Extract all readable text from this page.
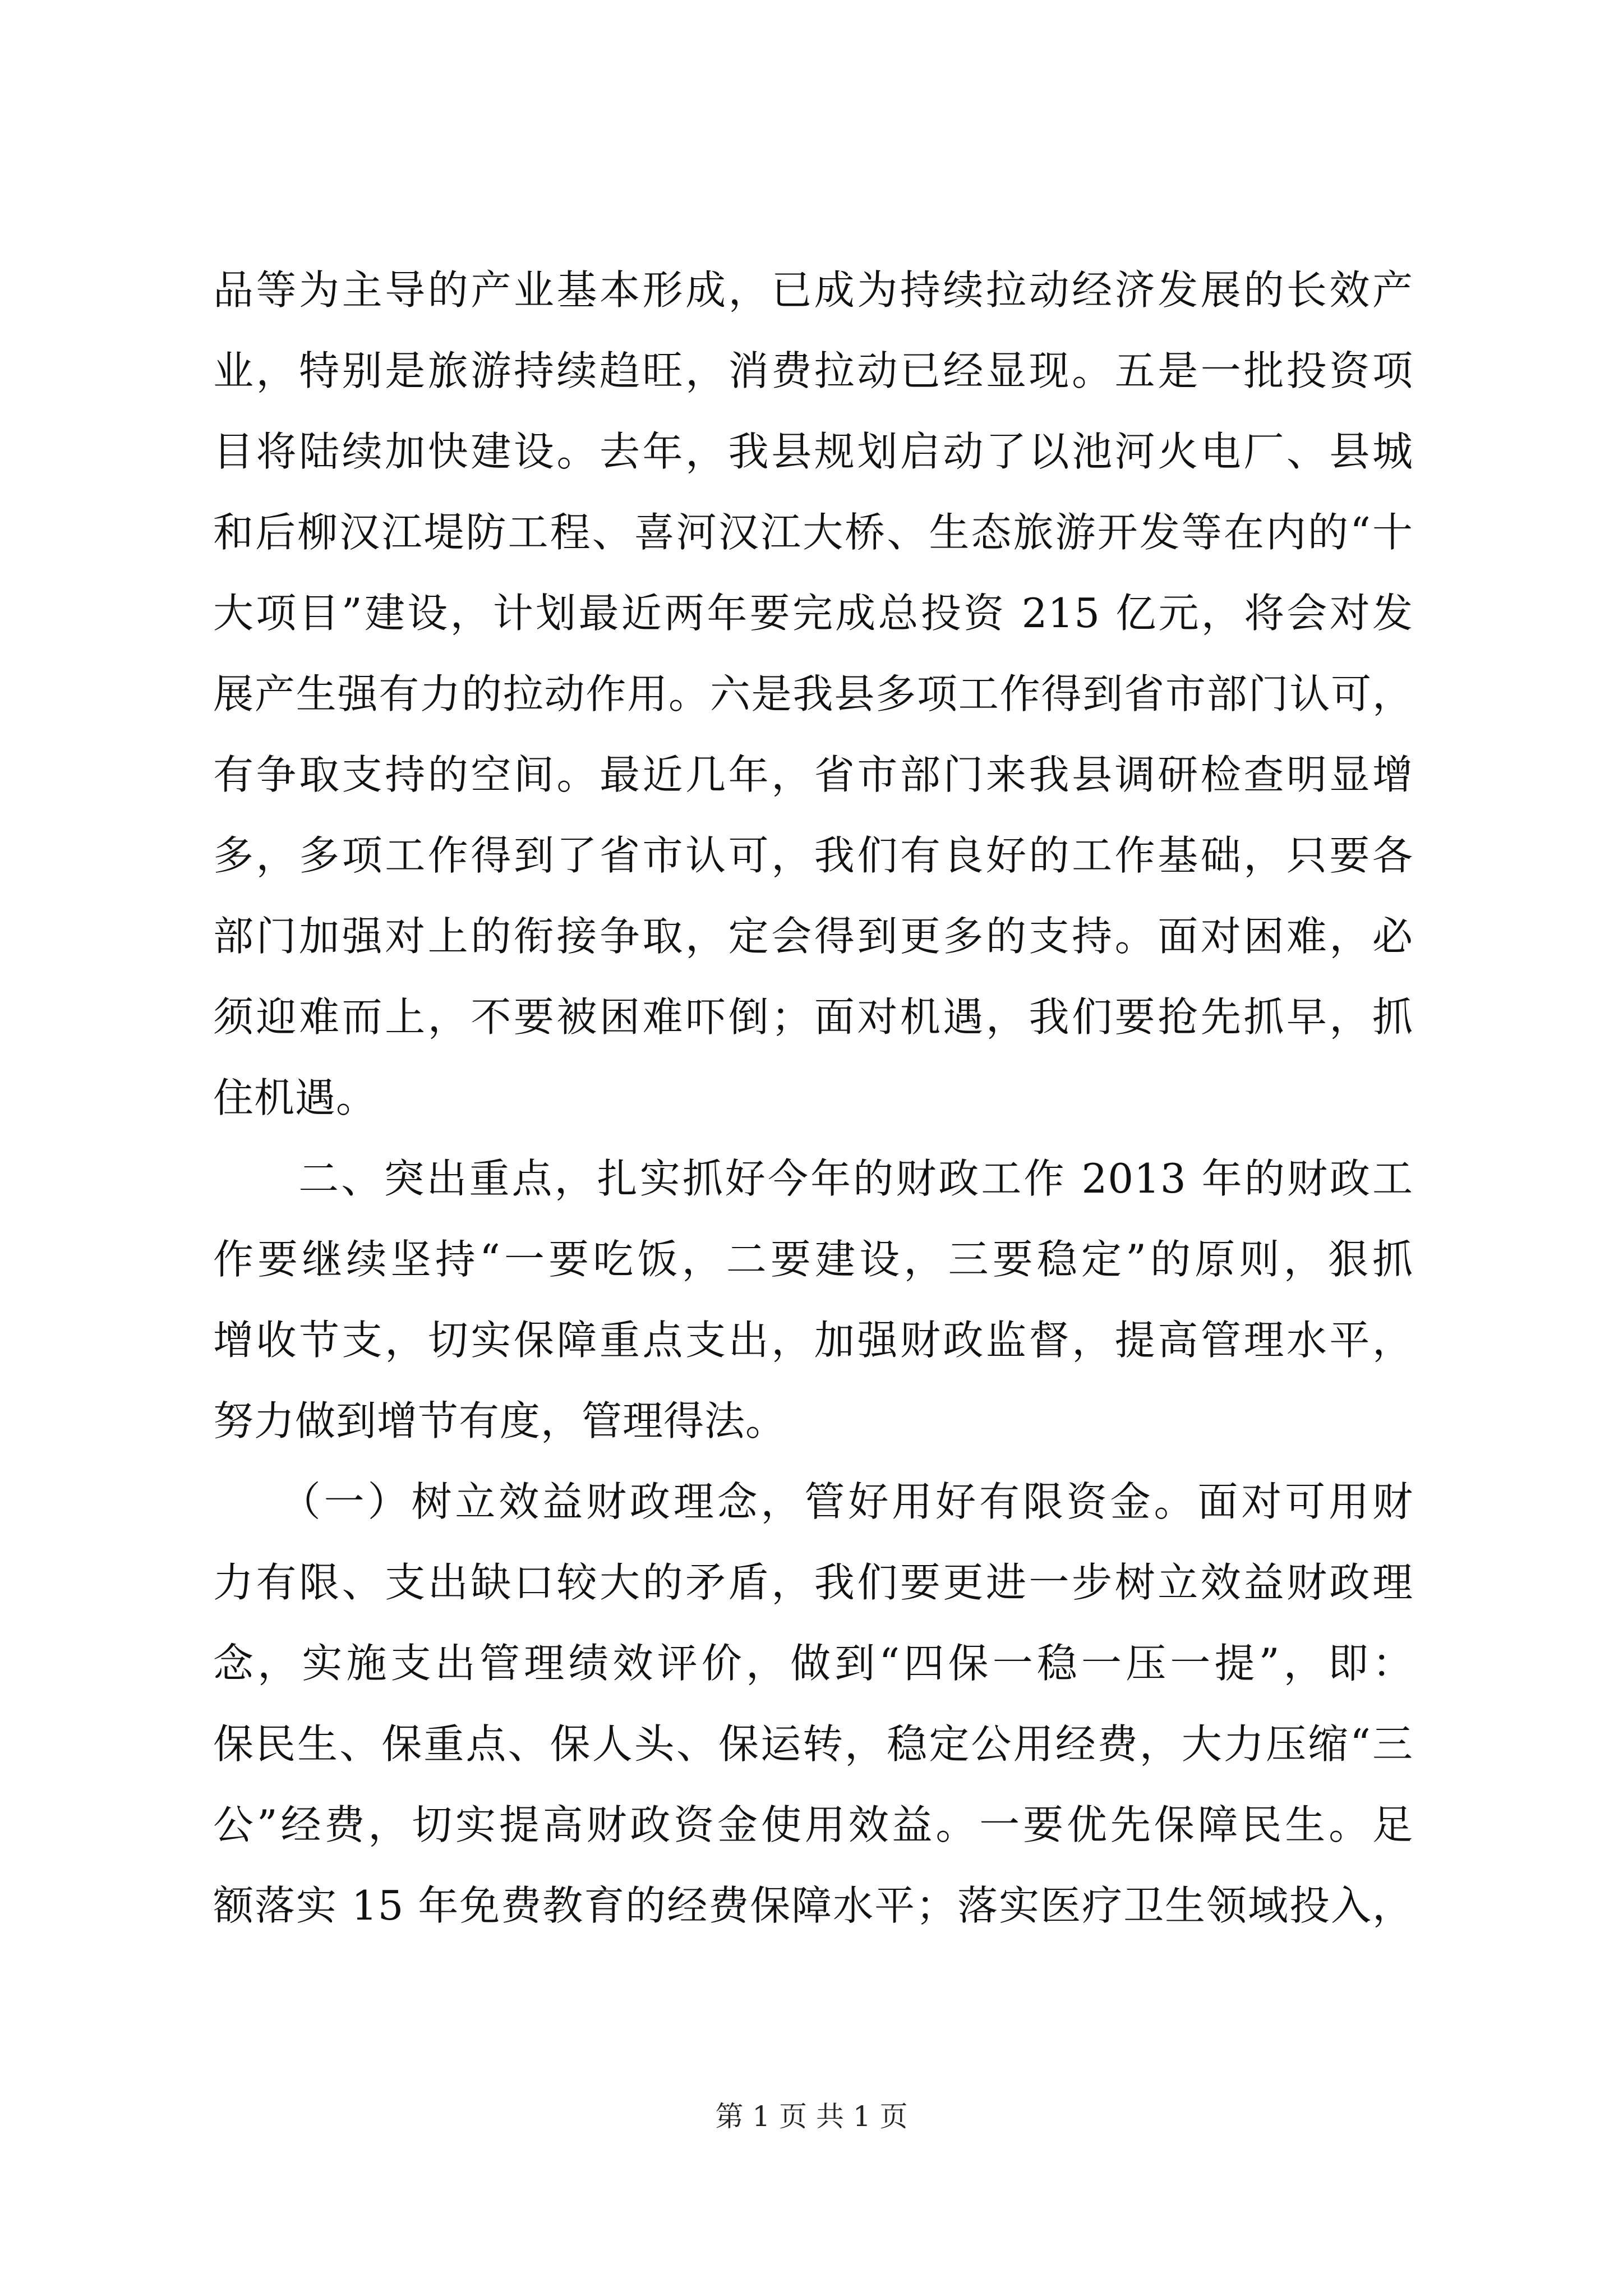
品等为主导的产业基本形成，已成为持续拉动经济发展的长效产
业，特别是旅游持续趋旺，消费拉动已经显现。五是一批投资项
目将陆续加快建设。去年，我县规划启动了以池河火电厂、县城
和后柳汉江堤防工程、喜河汉江大桥、生态旅游开发等在内的“十
大项目”建设，计划最近两年要完成总投资 215 亿元，将会对发
展产生强有力的拉动作用。六是我县多项工作得到省市部门认可，
有争取支持的空间。最近几年，省市部门来我县调研检查明显增
多，多项工作得到了省市认可，我们有良好的工作基础，只要各
部门加强对上的衔接争取，定会得到更多的支持。面对困难，必
须迎难而上，不要被困难吓倒；面对机遇，我们要抢先抓早，抓
住机遇。
　　二、突出重点，扎实抓好今年的财政工作 2013 年的财政工
作要继续坚持“一要吃饭，二要建设，三要稳定”的原则，狠抓
增收节支，切实保障重点支出，加强财政监督，提高管理水平，
努力做到增节有度，管理得法。
　　（一）树立效益财政理念，管好用好有限资金。面对可用财
力有限、支出缺口较大的矛盾，我们要更进一步树立效益财政理
念，实施支出管理绩效评价，做到“四保一稳一压一提”，即：
保民生、保重点、保人头、保运转，稳定公用经费，大力压缩“三
公”经费，切实提高财政资金使用效益。一要优先保障民生。足
额落实 15 年免费教育的经费保障水平；落实医疗卫生领域投入，
第 1 页 共 1 页
